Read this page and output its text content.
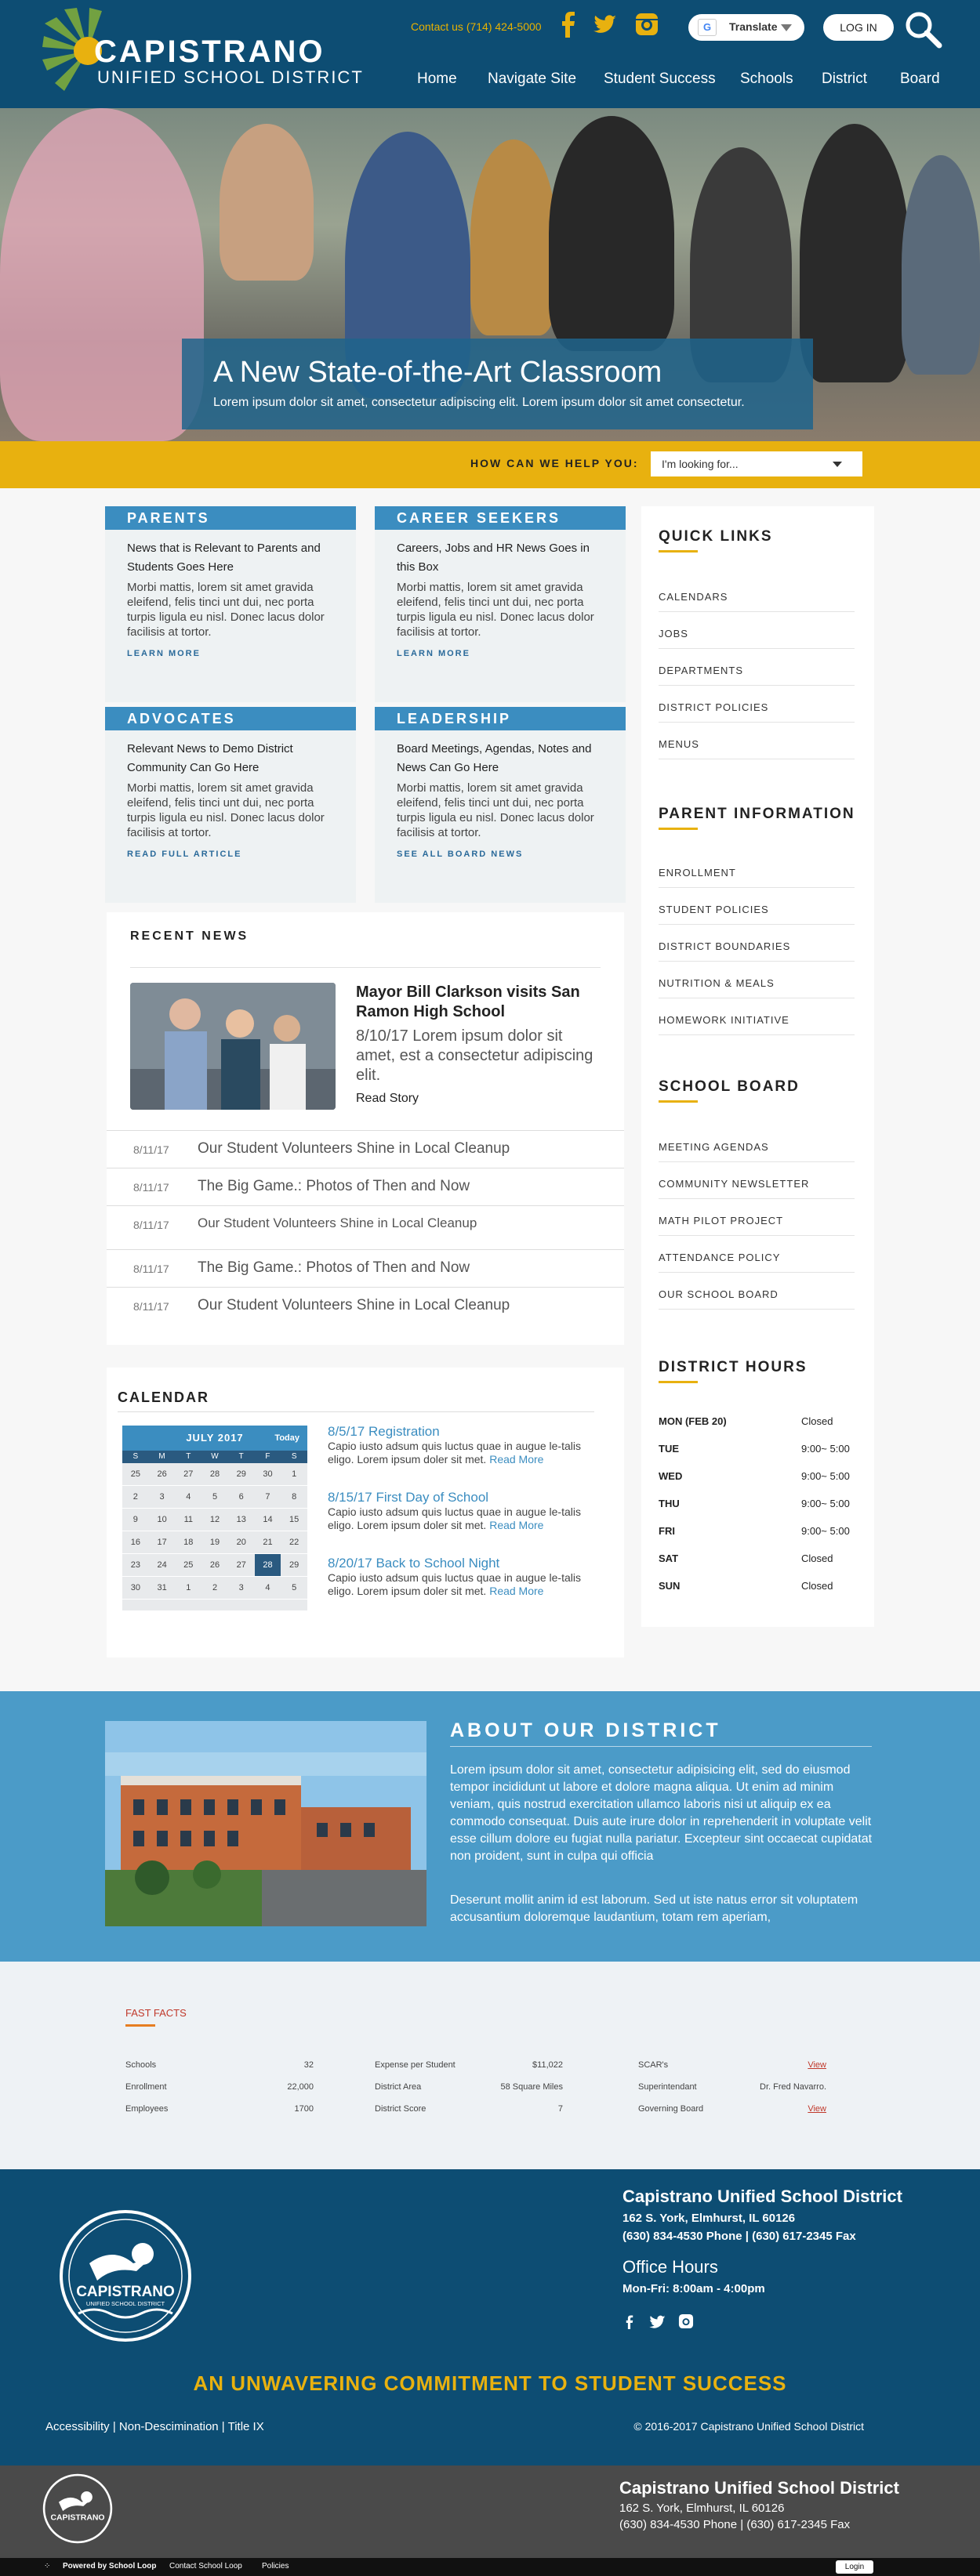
CAPISTRANO
UNIFIED SCHOOL DISTRICT
Contact us (714) 424-5000	G	Translate	LOG IN
Home Navigate Site Student Success Schools District Board
A New State-of-the-Art Classroom

Lorem ipsum dolor sit amet, consectetur adipiscing elit. Lorem ipsum dolor sit amet consectetur.

HOW CAN WE HELP YOU:	I'm looking for...
PARENTS
News that is Relevant to Parents and Students Goes Here
Morbi mattis, lorem sit amet gravida eleifend, felis tinci unt dui, nec porta turpis ligula eu nisl. Donec lacus dolor facilisis at tortor.
LEARN MORE
CAREER SEEKERS
Careers, Jobs and HR News Goes in this Box
Morbi mattis, lorem sit amet gravida eleifend, felis tinci unt dui, nec porta turpis ligula eu nisl. Donec lacus dolor facilisis at tortor.
LEARN MORE
ADVOCATES
Relevant News to Demo District Community Can Go Here
Morbi mattis, lorem sit amet gravida eleifend, felis tinci unt dui, nec porta turpis ligula eu nisl. Donec lacus dolor facilisis at tortor.
READ FULL ARTICLE
LEADERSHIP
Board Meetings, Agendas, Notes and News Can Go Here
Morbi mattis, lorem sit amet gravida eleifend, felis tinci unt dui, nec porta turpis ligula eu nisl. Donec lacus dolor facilisis at tortor.
SEE ALL BOARD NEWS
RECENT NEWS
Mayor Bill Clarkson visits San Ramon High School
8/10/17 Lorem ipsum dolor sit amet, est a consectetur adipiscing elit.
Read Story
8/11/17 Our Student Volunteers Shine in Local Cleanup
8/11/17 The Big Game.: Photos of Then and Now
8/11/17 Our Student Volunteers Shine in Local Cleanup
8/11/17 The Big Game.: Photos of Then and Now
8/11/17 Our Student Volunteers Shine in Local Cleanup
CALENDAR
JULY 2017	Today
S	M	T	W	T	F	S
25	26	27	28	29	30	1
2	3	4	5	6	7	8
9	10	11	12	13	14	15
16	17	18	19	20	21	22
23	24	25	26	27	28	29
30	31	1	2	3	4	5
8/5/17 Registration
Capio iusto adsum quis luctus quae in augue le-talis eligo. Lorem ipsum doler sit met. Read More
8/15/17 First Day of School
Capio iusto adsum quis luctus quae in augue le-talis eligo. Lorem ipsum doler sit met. Read More
8/20/17 Back to School Night
Capio iusto adsum quis luctus quae in augue le-talis eligo. Lorem ipsum doler sit met. Read More
QUICK LINKS
CALENDARS
JOBS
DEPARTMENTS
DISTRICT POLICIES
MENUS
PARENT INFORMATION
ENROLLMENT
STUDENT POLICIES
DISTRICT BOUNDARIES
NUTRITION & MEALS
HOMEWORK INITIATIVE
SCHOOL BOARD
MEETING AGENDAS
COMMUNITY NEWSLETTER
MATH PILOT PROJECT
ATTENDANCE POLICY
OUR SCHOOL BOARD
DISTRICT HOURS
MON (FEB 20)	Closed
TUE	9:00~ 5:00
WED	9:00~ 5:00
THU	9:00~ 5:00
FRI	9:00~ 5:00
SAT	Closed
SUN	Closed
ABOUT OUR DISTRICT
Lorem ipsum dolor sit amet, consectetur adipisicing elit, sed do eiusmod tempor incididunt ut labore et dolore magna aliqua. Ut enim ad minim veniam, quis nostrud exercitation ullamco laboris nisi ut aliquip ex ea commodo consequat. Duis aute irure dolor in reprehenderit in voluptate velit esse cillum dolore eu fugiat nulla pariatur. Excepteur sint occaecat cupidatat non proident, sunt in culpa qui officia
Deserunt mollit anim id est laborum. Sed ut iste natus error sit voluptatem accusantium doloremque laudantium, totam rem aperiam,
FAST FACTS
Schools	32
Enrollment	22,000
Employees	1700
Expense per Student	$11,022
District Area	58 Square Miles
District Score	7
SCAR's	View
Superintendant	Dr. Fred Navarro.
Governing Board	View
CAPISTRANO
UNIFIED SCHOOL DISTRICT
Capistrano Unified School District
162 S. York, Elmhurst, IL 60126
(630) 834-4530 Phone | (630) 617-2345 Fax
Office Hours
Mon-Fri: 8:00am - 4:00pm
AN UNWAVERING COMMITMENT TO STUDENT SUCCESS
Accessibility | Non-Descimination | Title IX	© 2016-2017 Capistrano Unified School District
CAPISTRANO
Capistrano Unified School District
162 S. York, Elmhurst, IL 60126
(630) 834-4530 Phone | (630) 617-2345 Fax
⁘ Powered by School Loop Contact School Loop	Policies	Login
